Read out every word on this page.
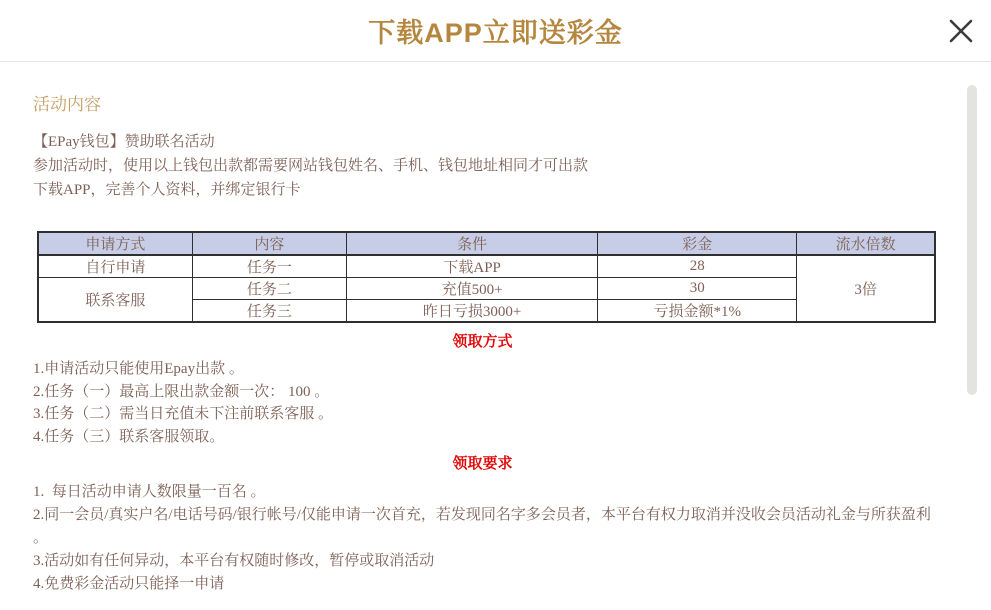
下载APP立即送彩金
活动内容

【EPay钱包】赞助联名活动

参加活动时，使用以上钱包出款都需要网站钱包姓名、手机、钱包地址相同才可出款

下载APP，完善个人资料，并绑定银行卡

申请方式	内容	条件	彩金	流水倍数
自行申请	任务一	下载APP	28	3倍
联系客服	任务二	充值500+	30	
	任务三	昨日亏损3000+	亏损金额*1%	
领取方式

1.申请活动只能使用Epay出款 。

2.任务（一）最高上限出款金额一次： 100 。

3.任务（二）需当日充值未下注前联系客服 。

4.任务（三）联系客服领取。

领取要求

1.  每日活动申请人数限量一百名 。

2.同一会员/真实户名/电话号码/银行帐号/仅能申请一次首充，若发现同名字多会员者，本平台有权力取消并没收会员活动礼金与所获盈利 。

3.活动如有任何异动，本平台有权随时修改，暂停或取消活动

4.免费彩金活动只能择一申请
